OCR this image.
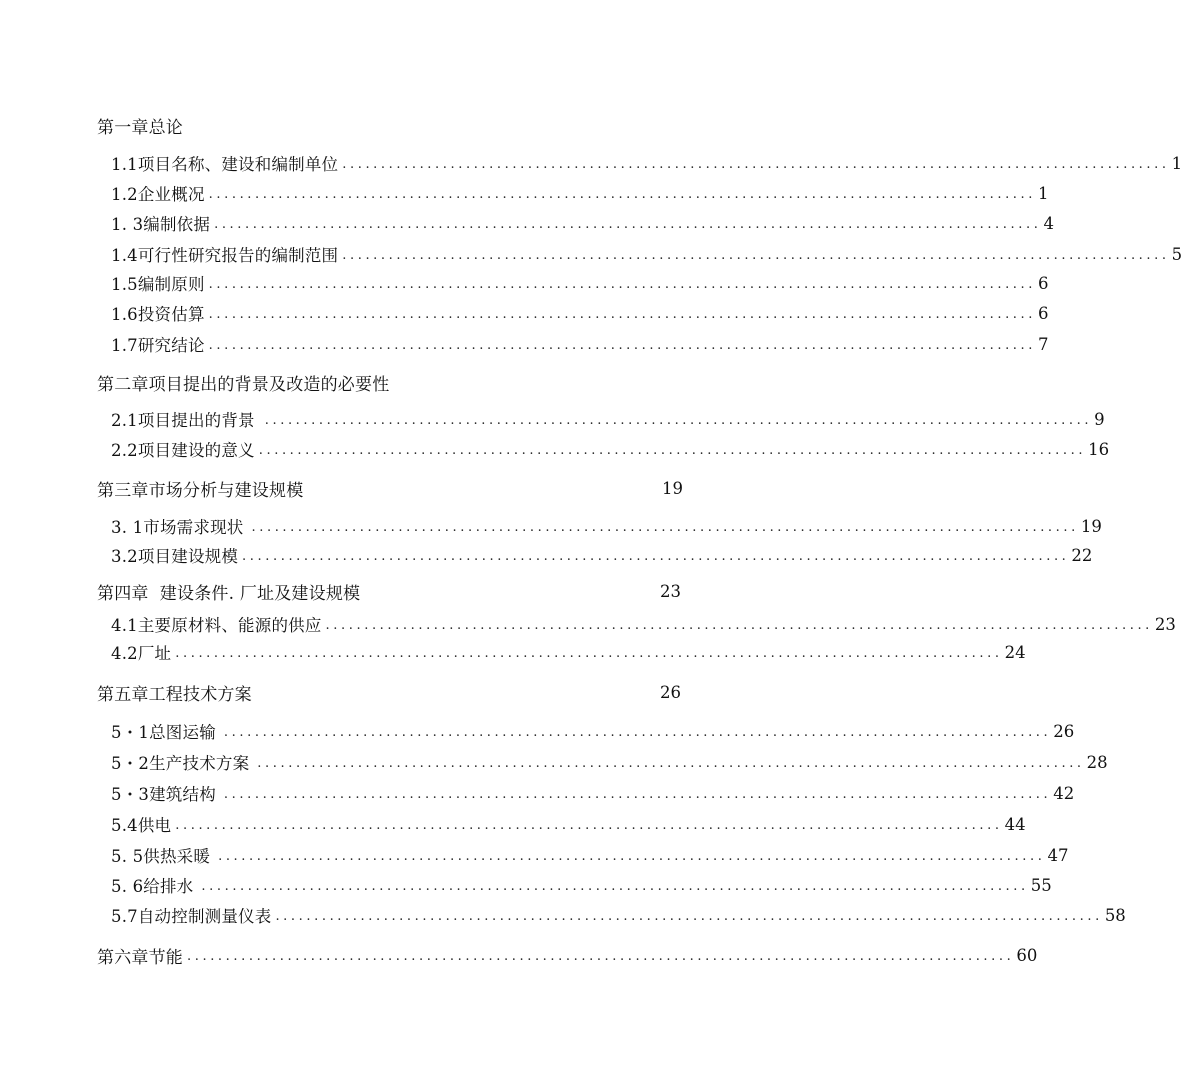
第一章总论
1.1项目名称、建设和编制单位 ........................................................................................................... 1
1.2企业概况 ........................................................................................................... 1
1. 3编制依据 ........................................................................................................... 4
1.4可行性研究报告的编制范围 ........................................................................................................... 5
1.5编制原则 ........................................................................................................... 6
1.6投资估算 ........................................................................................................... 6
1.7研究结论 ........................................................................................................... 7
第二章项目提出的背景及改造的必要性
2.1项目提出的背景 ........................................................................................................... 9
2.2项目建设的意义 ........................................................................................................... 16
第三章市场分析与建设规模	19
3. 1市场需求现状 ........................................................................................................... 19
3.2项目建设规模 ........................................................................................................... 22
第四章  建设条件. 厂址及建设规模	23
4.1主要原材料、能源的供应 ........................................................................................................... 23
4.2厂址 ........................................................................................................... 24
第五章工程技术方案	26
5・1总图运输 ........................................................................................................... 26
5・2生产技术方案 ........................................................................................................... 28
5・3建筑结构 ........................................................................................................... 42
5.4供电 ........................................................................................................... 44
5. 5供热采暖 ........................................................................................................... 47
5. 6给排水 ........................................................................................................... 55
5.7自动控制测量仪表 ........................................................................................................... 58
第六章节能 ........................................................................................................... 60
